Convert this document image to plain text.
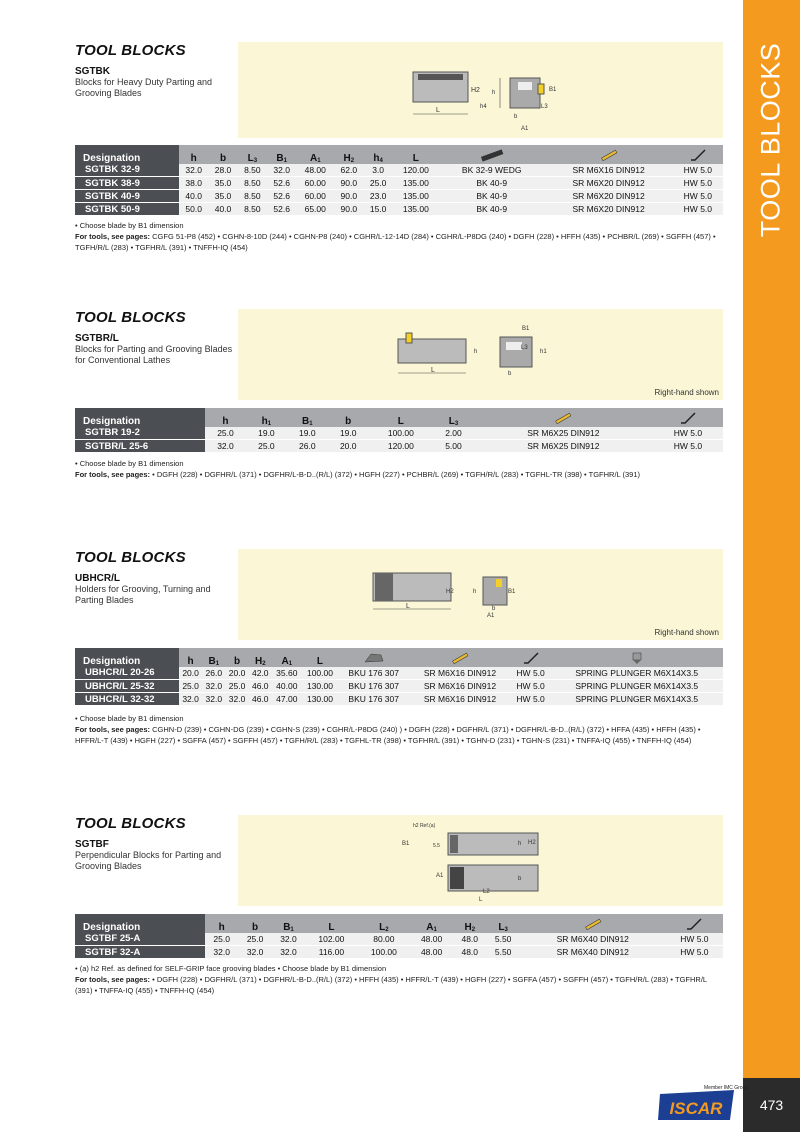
TOOL BLOCKS
473
ISCAR
Member IMC Group
TOOL BLOCKS
SGTBK
Blocks for Heavy Duty Parting and Grooving Blades
L
H2 h
h4
b
A1
B1
L3
Designation	h	b	$L_3$	$B_1$	$A_1$	$H_2$	$h_4$	L			
SGTBK 32-9	32.0	28.0	8.50	32.0	48.00	62.0	3.0	120.00	BK 32-9 WEDG	SR M6X16 DIN912	HW 5.0
SGTBK 38-9	38.0	35.0	8.50	52.6	60.00	90.0	25.0	135.00	BK 40-9	SR M6X20 DIN912	HW 5.0
SGTBK 40-9	40.0	35.0	8.50	52.6	60.00	90.0	23.0	135.00	BK 40-9	SR M6X20 DIN912	HW 5.0
SGTBK 50-9	50.0	40.0	8.50	52.6	65.00	90.0	15.0	135.00	BK 40-9	SR M6X20 DIN912	HW 5.0
• Choose blade by B1 dimension
For tools, see pages: CGFG 51-P8 (452) • CGHN-8-10D (244) • CGHN-P8 (240) • CGHR/L-12-14D (284) • CGHR/L-P8DG (240) • DGFH (228) • HFFH (435) • PCHBR/L (269) • SGFFH (457) • TGFH/R/L (283) • TGFHR/L (391) • TNFFH-IQ (454)
TOOL BLOCKS
SGTBR/L
Blocks for Parting and Grooving Blades for Conventional Lathes
L
h
B1
L3
h1
b
Right-hand shown
Designation	h	$h_1$	$B_1$	b	L	$L_3$		
SGTBR 19-2	25.0	19.0	19.0	19.0	100.00	2.00	SR M6X25 DIN912	HW 5.0
SGTBR/L 25-6	32.0	25.0	26.0	20.0	120.00	5.00	SR M6X25 DIN912	HW 5.0
• Choose blade by B1 dimension
For tools, see pages: • DGFH (228) • DGFHR/L (371) • DGFHR/L-B-D..(R/L) (372) • HGFH (227) • PCHBR/L (269) • TGFH/R/L (283) • TGFHL-TR (398) • TGFHR/L (391)
TOOL BLOCKS
UBHCR/L
Holders for Grooving, Turning and Parting Blades
L
H2	h	B1
b
A1
Right-hand shown
Designation	h	$B_1$	b	$H_2$	$A_1$	L				
UBHCR/L 20-26	20.0	26.0	20.0	42.0	35.60	100.00	BKU 176 307	SR M6X16 DIN912	HW 5.0	SPRING PLUNGER M6X14X3.5
UBHCR/L 25-32	25.0	32.0	25.0	46.0	40.00	130.00	BKU 176 307	SR M6X16 DIN912	HW 5.0	SPRING PLUNGER M6X14X3.5
UBHCR/L 32-32	32.0	32.0	32.0	46.0	47.00	130.00	BKU 176 307	SR M6X16 DIN912	HW 5.0	SPRING PLUNGER M6X14X3.5
• Choose blade by B1 dimension
For tools, see pages: CGHN-D (239) • CGHN-DG (239) • CGHN-S (239) • CGHR/L-P8DG (240) ) • DGFH (228) • DGFHR/L (371) • DGFHR/L-B-D..(R/L) (372) • HFFA (435) • HFFH (435) • HFFR/L-T (439) • HGFH (227) • SGFFA (457) • SGFFH (457) • TGFH/R/L (283) • TGFHL-TR (398) • TGFHR/L (391) • TGHN-D (231) • TGHN-S (231) • TNFFA-IQ (455) • TNFFH-IQ (454)
TOOL BLOCKS
SGTBF
Perpendicular Blocks for Parting and Grooving Blades
h2 Ref.(a)
B1	5.5	h H2
A1	b
L2
L
Designation	h	b	$B_1$	L	$L_2$	$A_1$	$H_2$	$L_3$		
SGTBF 25-A	25.0	25.0	32.0	102.00	80.00	48.00	48.0	5.50	SR M6X40 DIN912	HW 5.0
SGTBF 32-A	32.0	32.0	32.0	116.00	100.00	48.00	48.0	5.50	SR M6X40 DIN912	HW 5.0
• (a) h2 Ref. as defined for SELF-GRIP face grooving blades • Choose blade by B1 dimension
For tools, see pages: • DGFH (228) • DGFHR/L (371) • DGFHR/L-B-D..(R/L) (372) • HFFH (435) • HFFR/L-T (439) • HGFH (227) • SGFFA (457) • SGFFH (457) • TGFH/R/L (283) • TGFHR/L (391) • TNFFA-IQ (455) • TNFFH-IQ (454)
